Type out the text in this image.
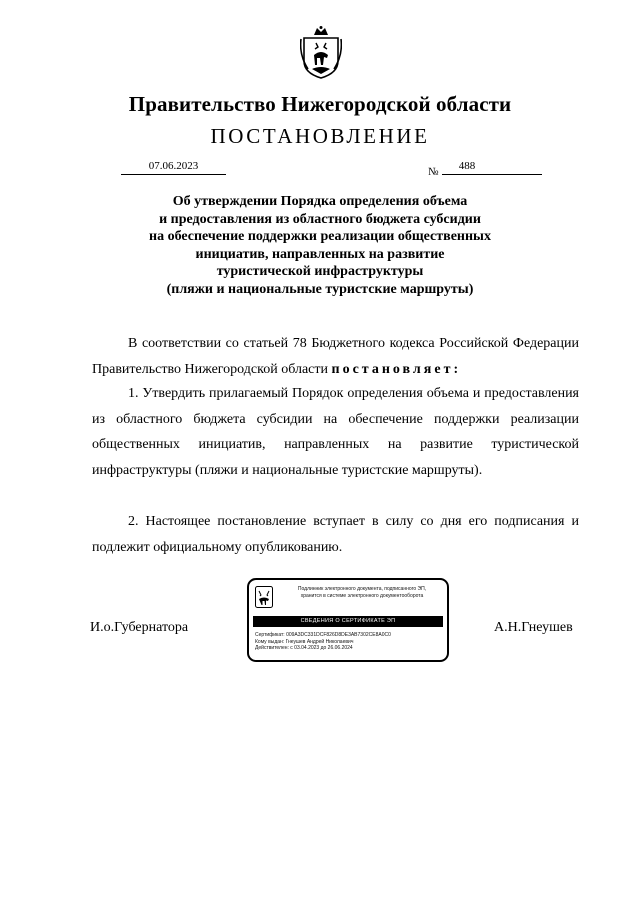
Правительство Нижегородской области
ПОСТАНОВЛЕНИЕ
07.06.2023	№	488
Об утверждении Порядка определения объема
и предоставления из областного бюджета субсидии
на обеспечение поддержки реализации общественных
инициатив, направленных на развитие
туристической инфраструктуры
(пляжи и национальные туристские маршруты)
В соответствии со статьей 78 Бюджетного кодекса Российской Федерации Правительство Нижегородской области постановляет:
1. Утвердить прилагаемый Порядок определения объема и предоставления из областного бюджета субсидии на обеспечение поддержки реализации общественных инициатив, направленных на развитие туристической инфраструктуры (пляжи и национальные туристские маршруты).
2. Настоящее постановление вступает в силу со дня его подписания и подлежит официальному опубликованию.
И.о.Губернатора	А.Н.Гнеушев
Подлинник электронного документа, подписанного ЭП,
хранится в системе электронного документооборота
СВЕДЕНИЯ О СЕРТИФИКАТЕ ЭП
Сертификат: 009A3DC331DCF826D8DE3AB7302CE8A0C0
Кому выдан: Гнеушев Андрей Николаевич
Действителен: с 03.04.2023 до 26.06.2024
